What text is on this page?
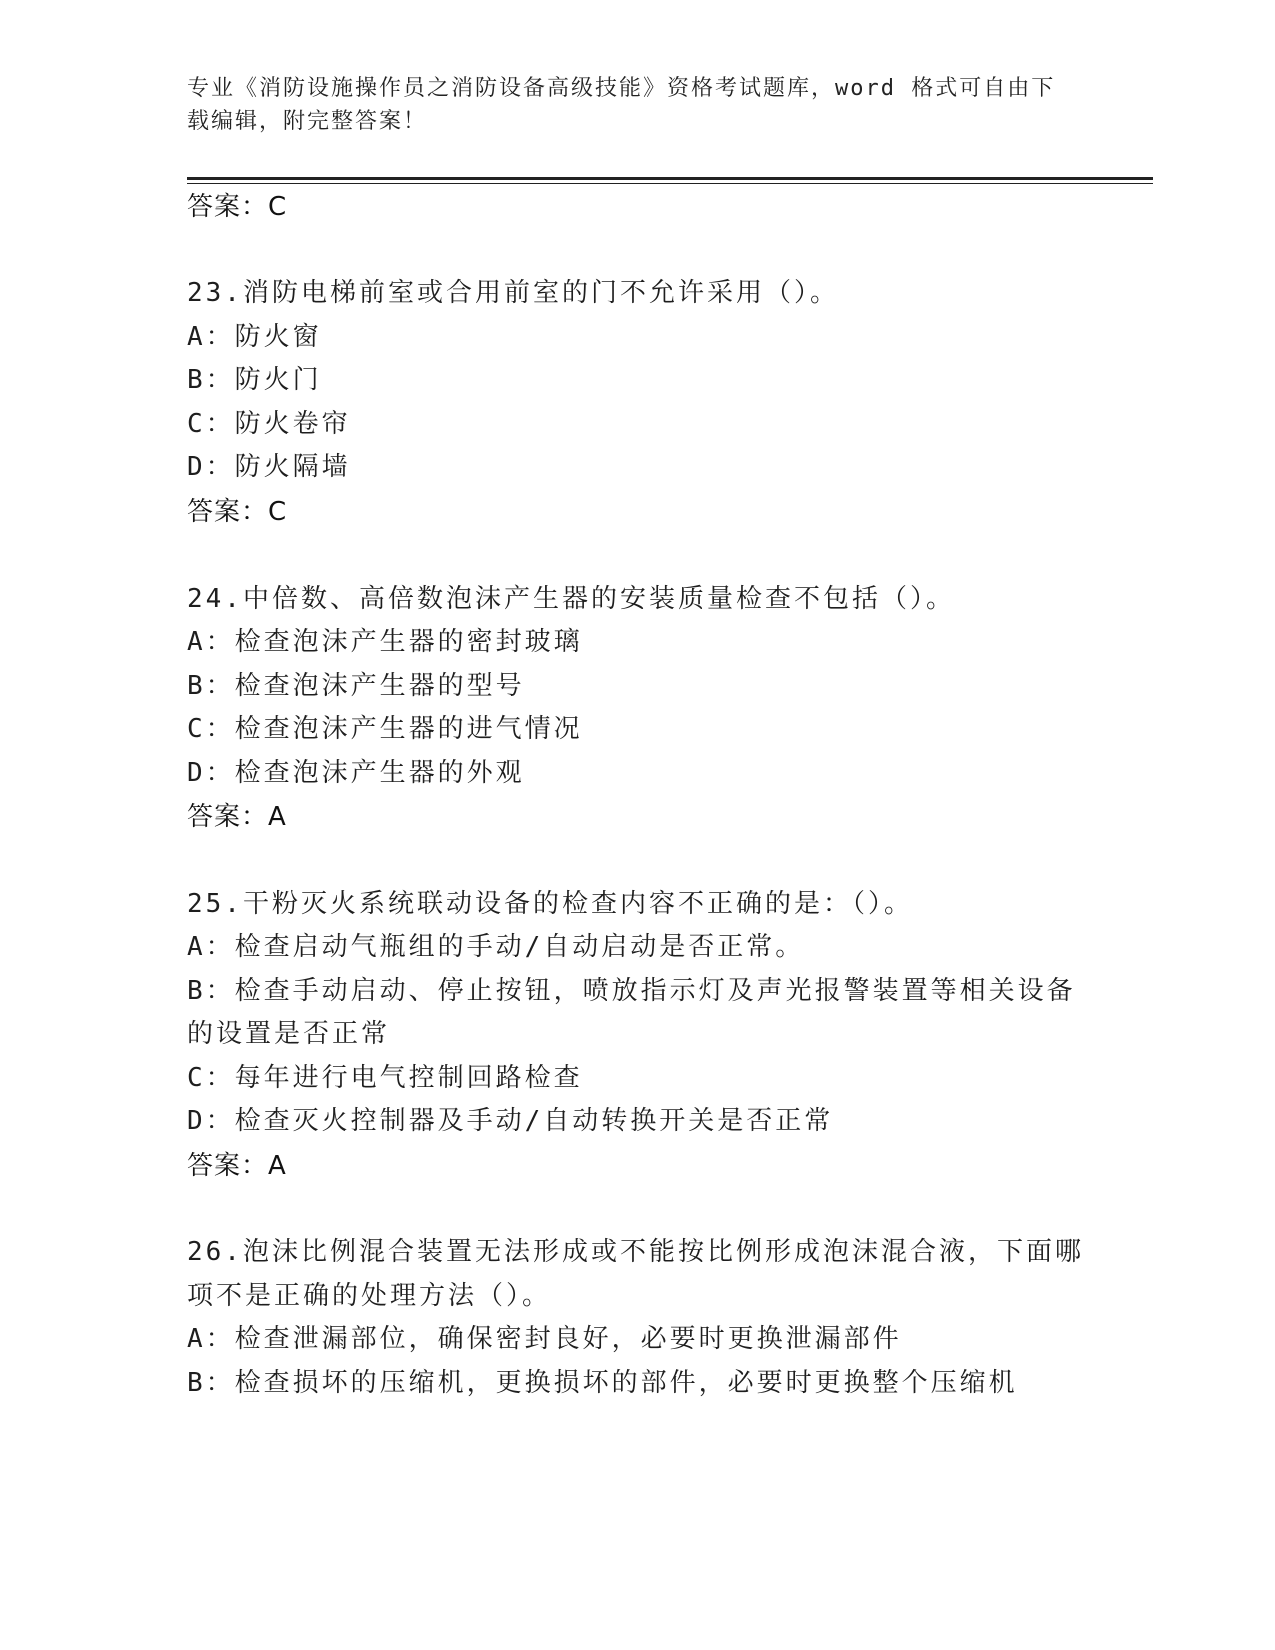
专业《消防设施操作员之消防设备高级技能》资格考试题库，word 格式可自由下
载编辑，附完整答案！
答案：C
23.消防电梯前室或合用前室的门不允许采用（）。
A：防火窗
B：防火门
C：防火卷帘
D：防火隔墙
答案：C
24.中倍数、高倍数泡沫产生器的安装质量检查不包括（）。
A：检查泡沫产生器的密封玻璃
B：检查泡沫产生器的型号
C：检查泡沫产生器的进气情况
D：检查泡沫产生器的外观
答案：A
25.干粉灭火系统联动设备的检查内容不正确的是：（）。
A：检查启动气瓶组的手动/自动启动是否正常。
B：检查手动启动、停止按钮，喷放指示灯及声光报警装置等相关设备
的设置是否正常
C：每年进行电气控制回路检查
D：检查灭火控制器及手动/自动转换开关是否正常
答案：A
26.泡沫比例混合装置无法形成或不能按比例形成泡沫混合液，下面哪
项不是正确的处理方法（）。
A：检查泄漏部位，确保密封良好，必要时更换泄漏部件
B：检查损坏的压缩机，更换损坏的部件，必要时更换整个压缩机
